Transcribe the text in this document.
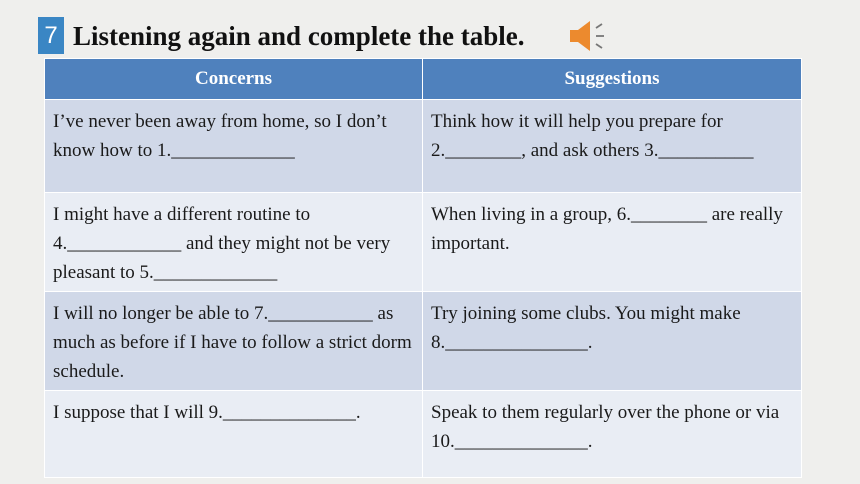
7 Listening again and complete the table.
Concerns	Suggestions
I’ve never been away from home, so I don’t know how to 1._____________	Think how it will help you prepare for 2.________, and ask others 3.__________
I might have a different routine to 4.____________ and they might not be very pleasant to 5._____________	When living in a group, 6.________ are really important.
I will no longer be able to 7.___________ as much as before if I have to follow a strict dorm schedule.	Try joining some clubs. You might make 8._______________.
I suppose that I will 9.______________.	Speak to them regularly over the phone or via 10.______________.
